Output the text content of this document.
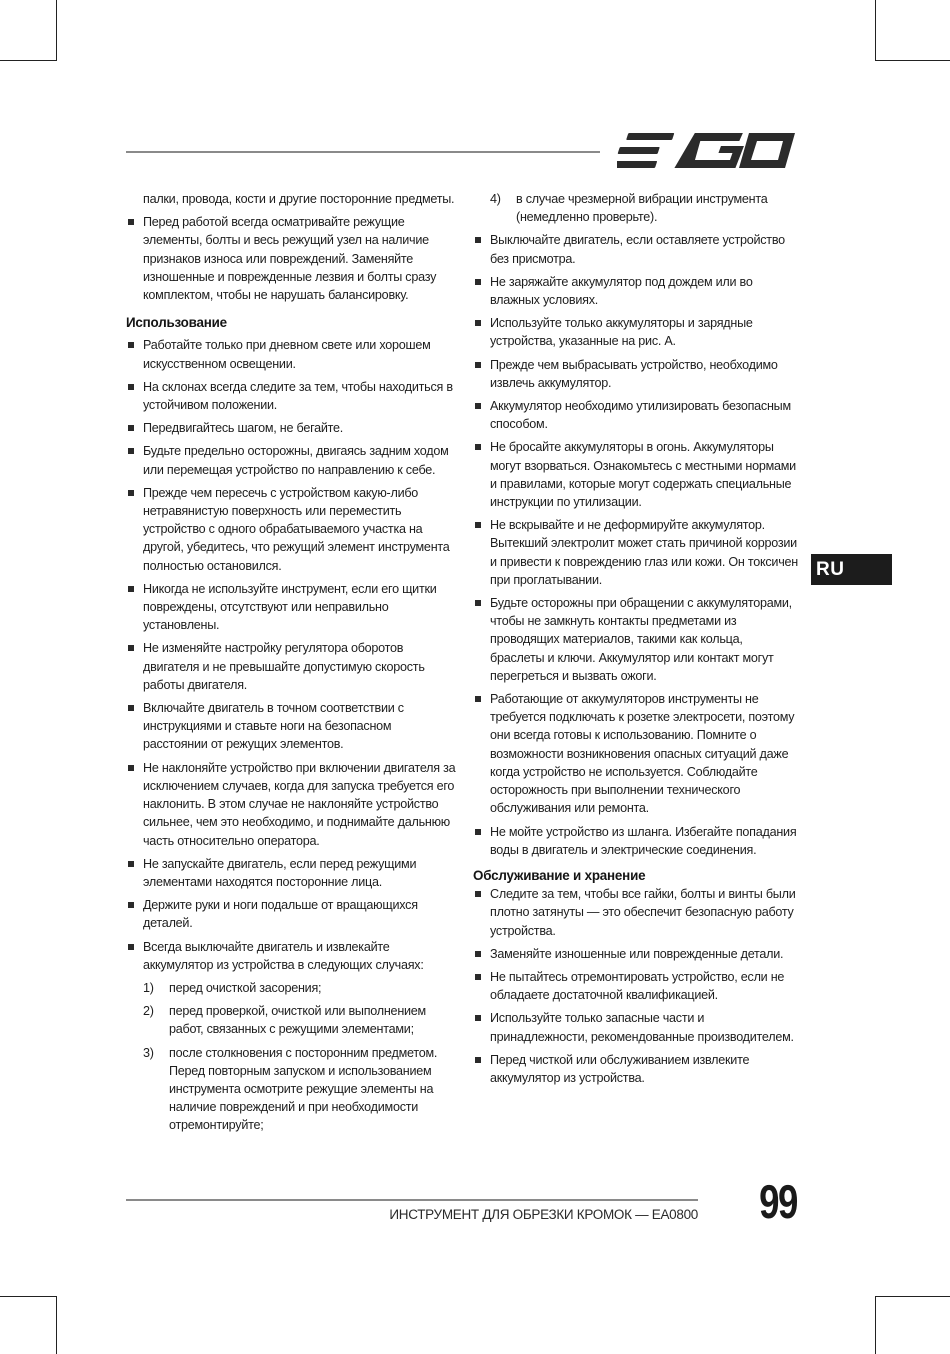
палки, провода, кости и другие посторонние предметы.

Перед работой всегда осматривайте режущие элементы, болты и весь режущий узел на наличие признаков износа или повреждений. Заменяйте изношенные и поврежденные лезвия и болты сразу комплектом, чтобы не нарушать балансировку.
Использование
Работайте только при дневном свете или хорошем искусственном освещении.
На склонах всегда следите за тем, чтобы находиться в устойчивом положении.
Передвигайтесь шагом, не бегайте.
Будьте предельно осторожны, двигаясь задним ходом или перемещая устройство по направлению к себе.
Прежде чем пересечь с устройством какую-либо нетравянистую поверхность или переместить устройство с одного обрабатываемого участка на другой, убедитесь, что режущий элемент инструмента полностью остановился.
Никогда не используйте инструмент, если его щитки повреждены, отсутствуют или неправильно установлены.
Не изменяйте настройку регулятора оборотов двигателя и не превышайте допустимую скорость работы двигателя.
Включайте двигатель в точном соответствии с инструкциями и ставьте ноги на безопасном расстоянии от режущих элементов.
Не наклоняйте устройство при включении двигателя за исключением случаев, когда для запуска требуется его наклонить. В этом случае не наклоняйте устройство сильнее, чем это необходимо, и поднимайте дальнюю часть относительно оператора.
Не запускайте двигатель, если перед режущими элементами находятся посторонние лица.
Держите руки и ноги подальше от вращающихся деталей.
Всегда выключайте двигатель и извлекайте аккумулятор из устройства в следующих случаях:
1) перед очисткой засорения;
2) перед проверкой, очисткой или выполнением работ, связанных с режущими элементами;
3) после столкновения с посторонним предметом. Перед повторным запуском и использованием инструмента осмотрите режущие элементы на наличие повреждений и при необходимости отремонтируйте;
4) в случае чрезмерной вибрации инструмента (немедленно проверьте).
Выключайте двигатель, если оставляете устройство без присмотра.
Не заряжайте аккумулятор под дождем или во влажных условиях.
Используйте только аккумуляторы и зарядные устройства, указанные на рис. A.
Прежде чем выбрасывать устройство, необходимо извлечь аккумулятор.
Аккумулятор необходимо утилизировать безопасным способом.
Не бросайте аккумуляторы в огонь. Аккумуляторы могут взорваться. Ознакомьтесь с местными нормами и правилами, которые могут содержать специальные инструкции по утилизации.
Не вскрывайте и не деформируйте аккумулятор. Вытекший электролит может стать причиной коррозии и привести к повреждению глаз или кожи. Он токсичен при проглатывании.
Будьте осторожны при обращении с аккумуляторами, чтобы не замкнуть контакты предметами из проводящих материалов, такими как кольца, браслеты и ключи. Аккумулятор или контакт могут перегреться и вызвать ожоги.
Работающие от аккумуляторов инструменты не требуется подключать к розетке электросети, поэтому они всегда готовы к использованию. Помните о возможности возникновения опасных ситуаций даже когда устройство не используется. Соблюдайте осторожность при выполнении технического обслуживания или ремонта.
Не мойте устройство из шланга. Избегайте попадания воды в двигатель и электрические соединения.
Обслуживание и хранение
Следите за тем, чтобы все гайки, болты и винты были плотно затянуты — это обеспечит безопасную работу устройства.
Заменяйте изношенные или поврежденные детали.
Не пытайтесь отремонтировать устройство, если не обладаете достаточной квалификацией.
Используйте только запасные части и принадлежности, рекомендованные производителем.
Перед чисткой или обслуживанием извлеките аккумулятор из устройства.
RU
ИНСТРУМЕНТ ДЛЯ ОБРЕЗКИ КРОМОК — EA0800 99
